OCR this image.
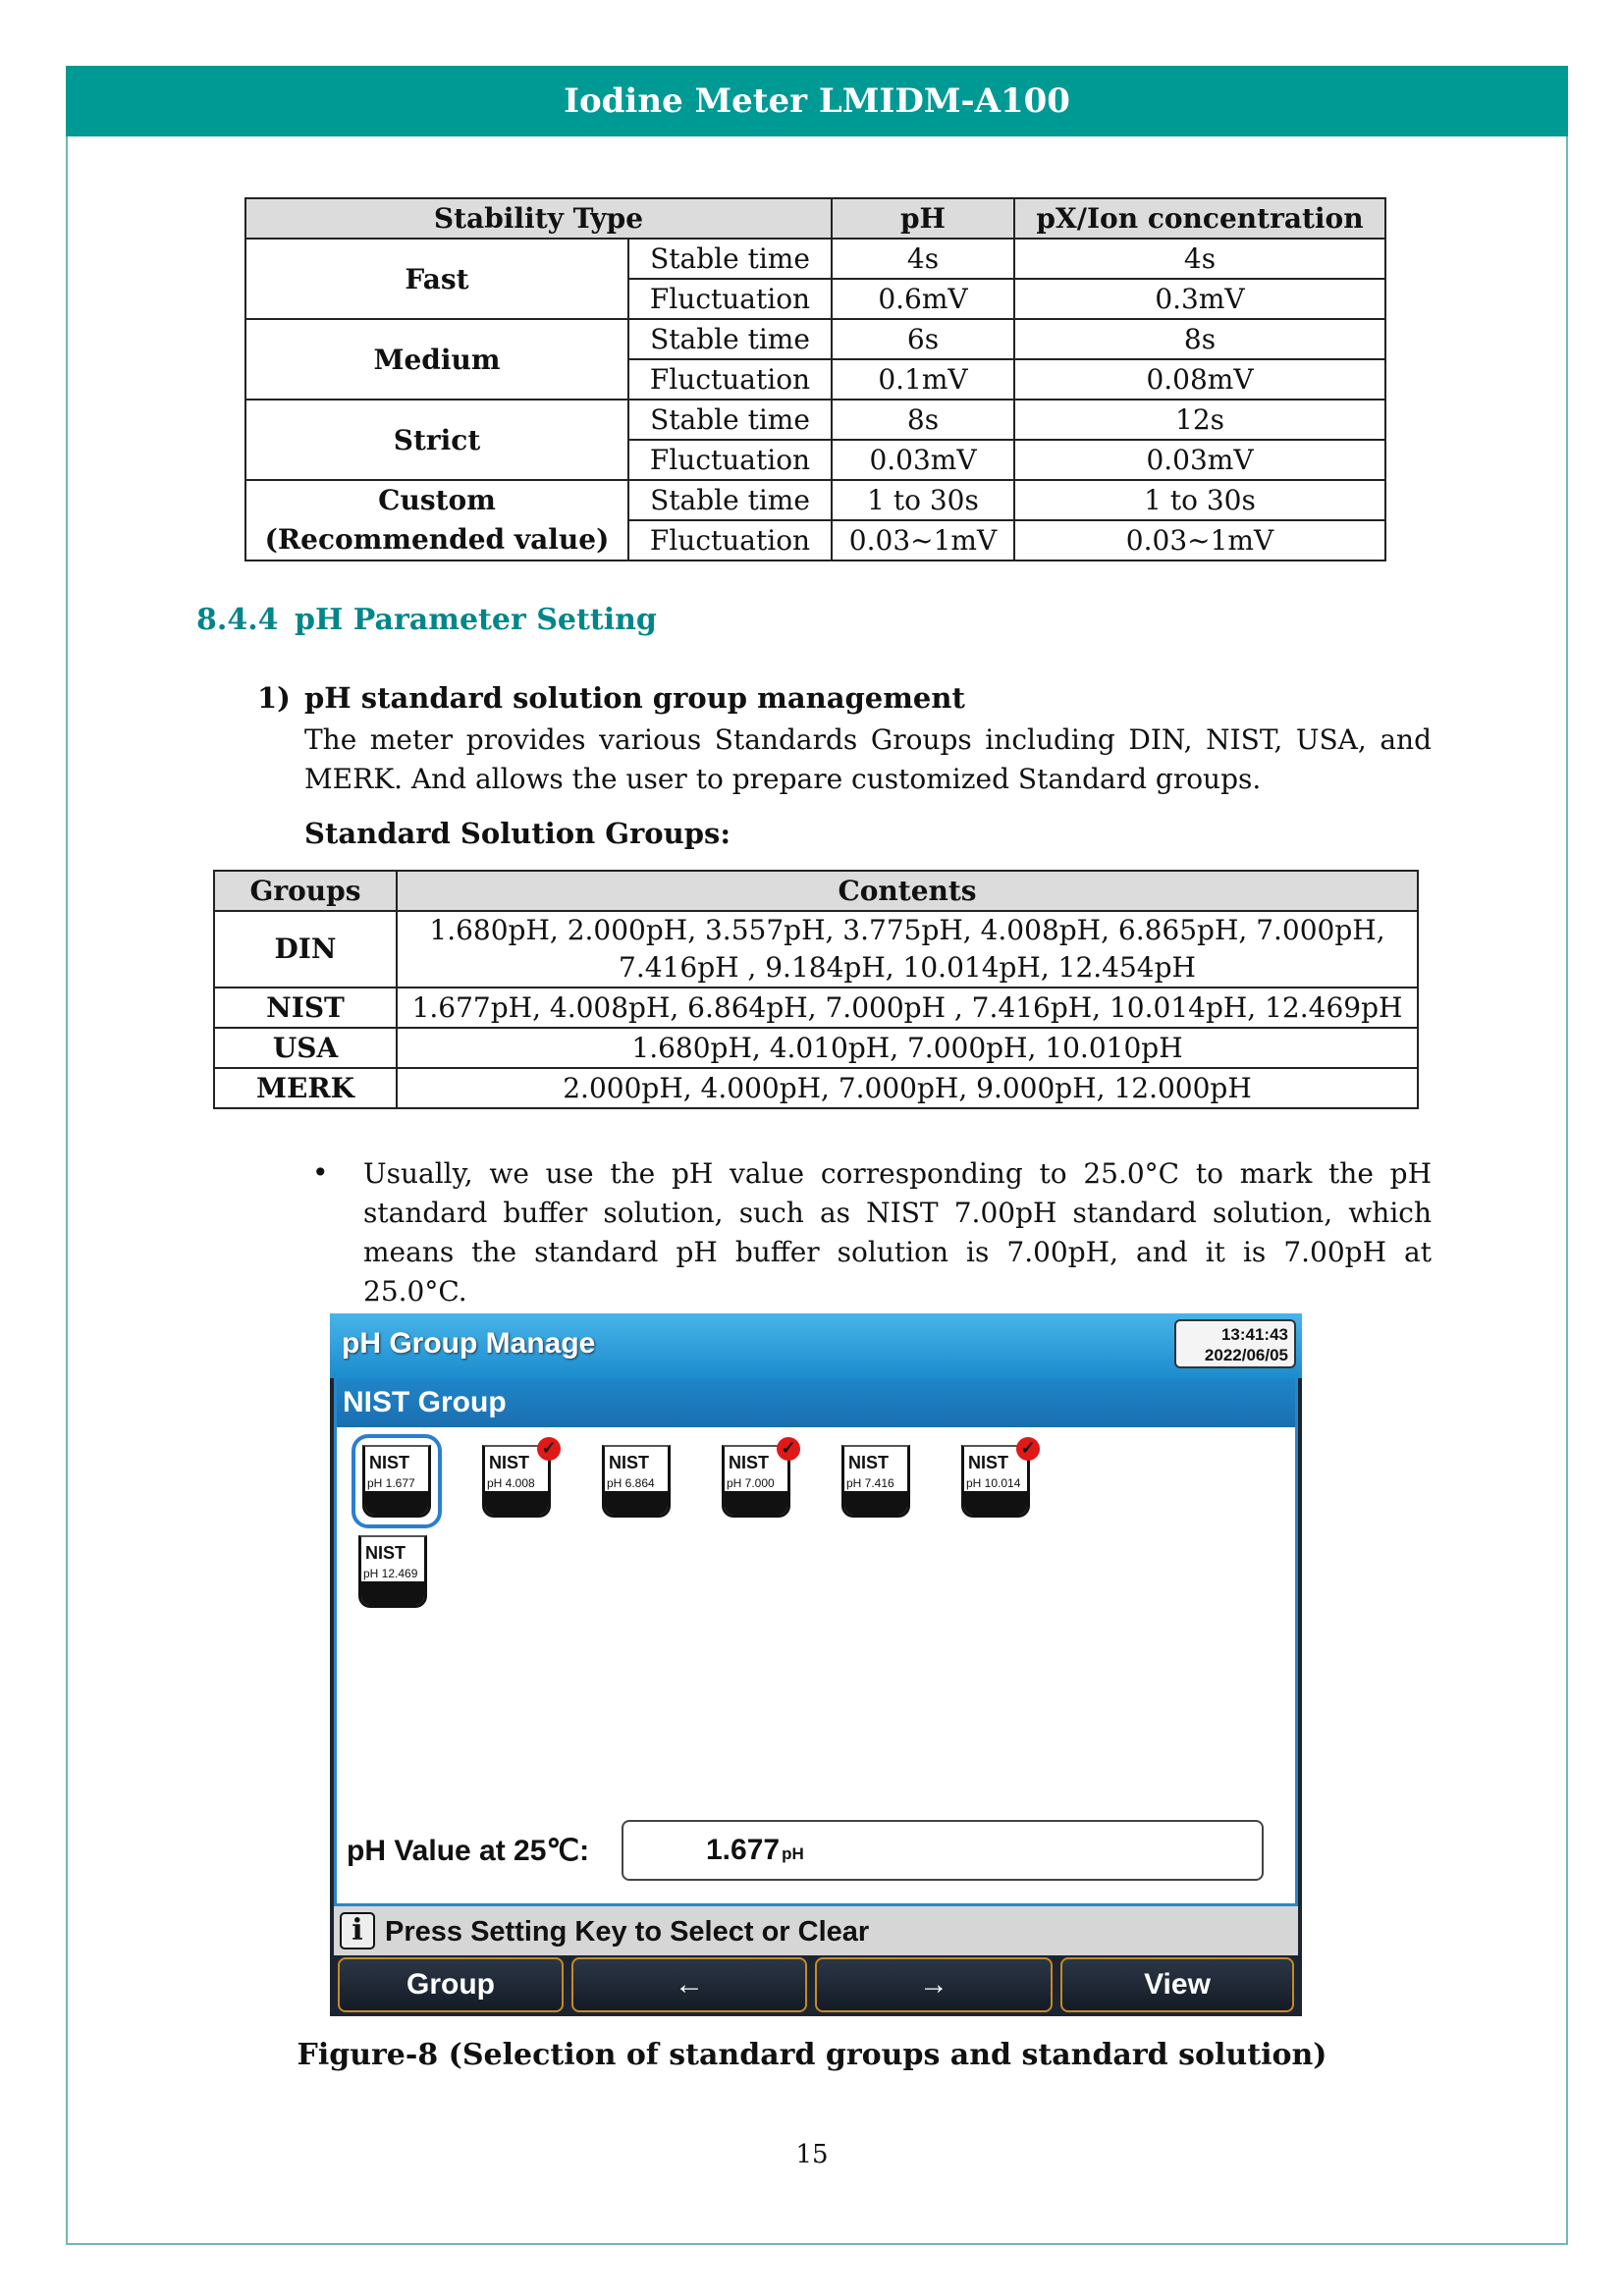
Iodine Meter LMIDM-A100
Stability Type		pH	pX/Ion concentration
Fast	Stable time	4s	4s
	Fluctuation	0.6mV	0.3mV
Medium	Stable time	6s	8s
	Fluctuation	0.1mV	0.08mV
Strict	Stable time	8s	12s
	Fluctuation	0.03mV	0.03mV
Custom
(Recommended value)	Stable time	1 to 30s	1 to 30s
	Fluctuation	0.03~1mV	0.03~1mV
8.4.4 pH Parameter Setting
1) pH standard solution group management
The meter provides various Standards Groups including DIN, NIST, USA, and MERK. And allows the user to prepare customized Standard groups.
Standard Solution Groups:
Groups	Contents
DIN	1.680pH, 2.000pH, 3.557pH, 3.775pH, 4.008pH, 6.865pH, 7.000pH,
7.416pH , 9.184pH, 10.014pH, 12.454pH

NIST	1.677pH, 4.008pH, 6.864pH, 7.000pH , 7.416pH, 10.014pH, 12.469pH
USA	1.680pH, 4.010pH, 7.000pH, 10.010pH
MERK	2.000pH, 4.000pH, 7.000pH, 9.000pH, 12.000pH
• Usually, we use the pH value corresponding to 25.0°C to mark the pH standard buffer solution, such as NIST 7.00pH standard solution, which means the standard pH buffer solution is 7.00pH, and it is 7.00pH at 25.0°C.
pH Group Manage	13:41:43
2022/06/05
NIST Group
NIST
pH 1.677
NIST
pH 4.008
✓
NIST
pH 6.864
NIST
pH 7.000
✓
NIST
pH 7.416
NIST
pH 10.014
✓
NIST
pH 12.469
pH Value at 25℃:	1.677 pH
i Press Setting Key to Select or Clear
Group	←	→	View
Figure-8 (Selection of standard groups and standard solution)
15
